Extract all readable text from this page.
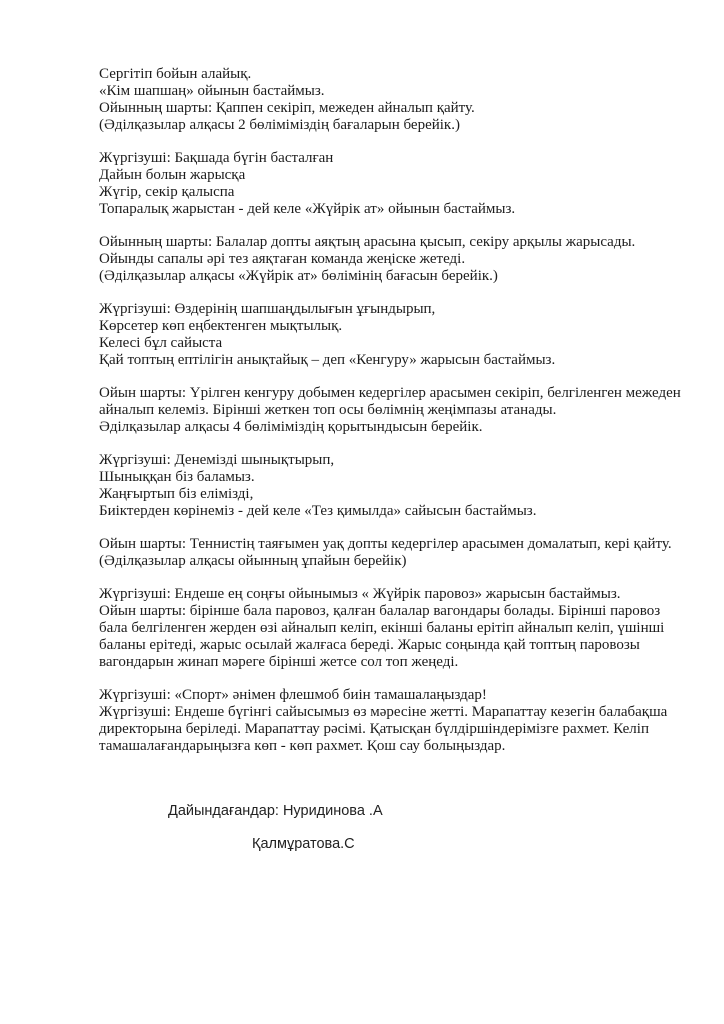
Сергітіп бойын алайық.
«Кім шапшаң» ойынын бастаймыз.
Ойынның шарты: Қаппен секіріп, межеден айналып қайту.
(Әділқазылар алқасы 2 бөліміміздің бағаларын берейік.)
Жүргізуші: Бақшада бүгін басталған
Дайын болын жарысқа
Жүгір, секір қалыспа
Топаралық жарыстан - дей келе «Жүйрік ат» ойынын бастаймыз.
Ойынның шарты: Балалар допты аяқтың арасына қысып, секіру арқылы жарысады.
Ойынды сапалы әрі тез аяқтаған команда жеңіске жетеді.
(Әділқазылар алқасы «Жүйрік ат» бөлімінің бағасын берейік.)
Жүргізуші: Өздерінің шапшаңдылығын ұғындырып,
Көрсетер көп еңбектенген мықтылық.
Келесі бұл сайыста
Қай топтың ептілігін анықтайық – деп «Кенгуру» жарысын бастаймыз.
Ойын шарты: Үрілген кенгуру добымен кедергілер арасымен секіріп, белгіленген межеден айналып келеміз. Бірінші жеткен топ осы бөлімнің жеңімпазы атанады.
Әділқазылар алқасы 4 бөліміміздің қорытындысын берейік.
Жүргізуші: Денемізді шынықтырып,
Шыныққан біз баламыз.
Жаңғыртып біз елімізді,
Биіктерден көрінеміз - дей келе «Тез қимылда» сайысын бастаймыз.
Ойын шарты: Теннистің таяғымен уақ допты кедергілер арасымен домалатып, кері қайту.
(Әділқазылар алқасы ойынның ұпайын берейік)
Жүргізуші: Ендеше ең соңғы ойынымыз « Жүйрік паровоз» жарысын бастаймыз.
Ойын шарты: бірінше бала паровоз, қалған балалар вагондары болады. Бірінші паровоз бала белгіленген жерден өзі айналып келіп, екінші баланы ерітіп айналып келіп, үшінші баланы ерітеді, жарыс осылай жалғаса береді. Жарыс соңында қай топтың паровозы вагондарын жинап мәреге бірінші жетсе сол топ жеңеді.
Жүргізуші: «Спорт» әнімен флешмоб биін тамашалаңыздар!
Жүргізуші: Ендеше бүгінгі сайысымыз өз мәресіне жетті. Марапаттау кезегін балабақша директорына беріледі. Марапаттау рәсімі. Қатысқан бүлдіршіндерімізге рахмет. Келіп тамашалағандарыңызға көп - көп рахмет. Қош сау болыңыздар.
Дайындағандар: Нуридинова .А
Қалмұратова.С
